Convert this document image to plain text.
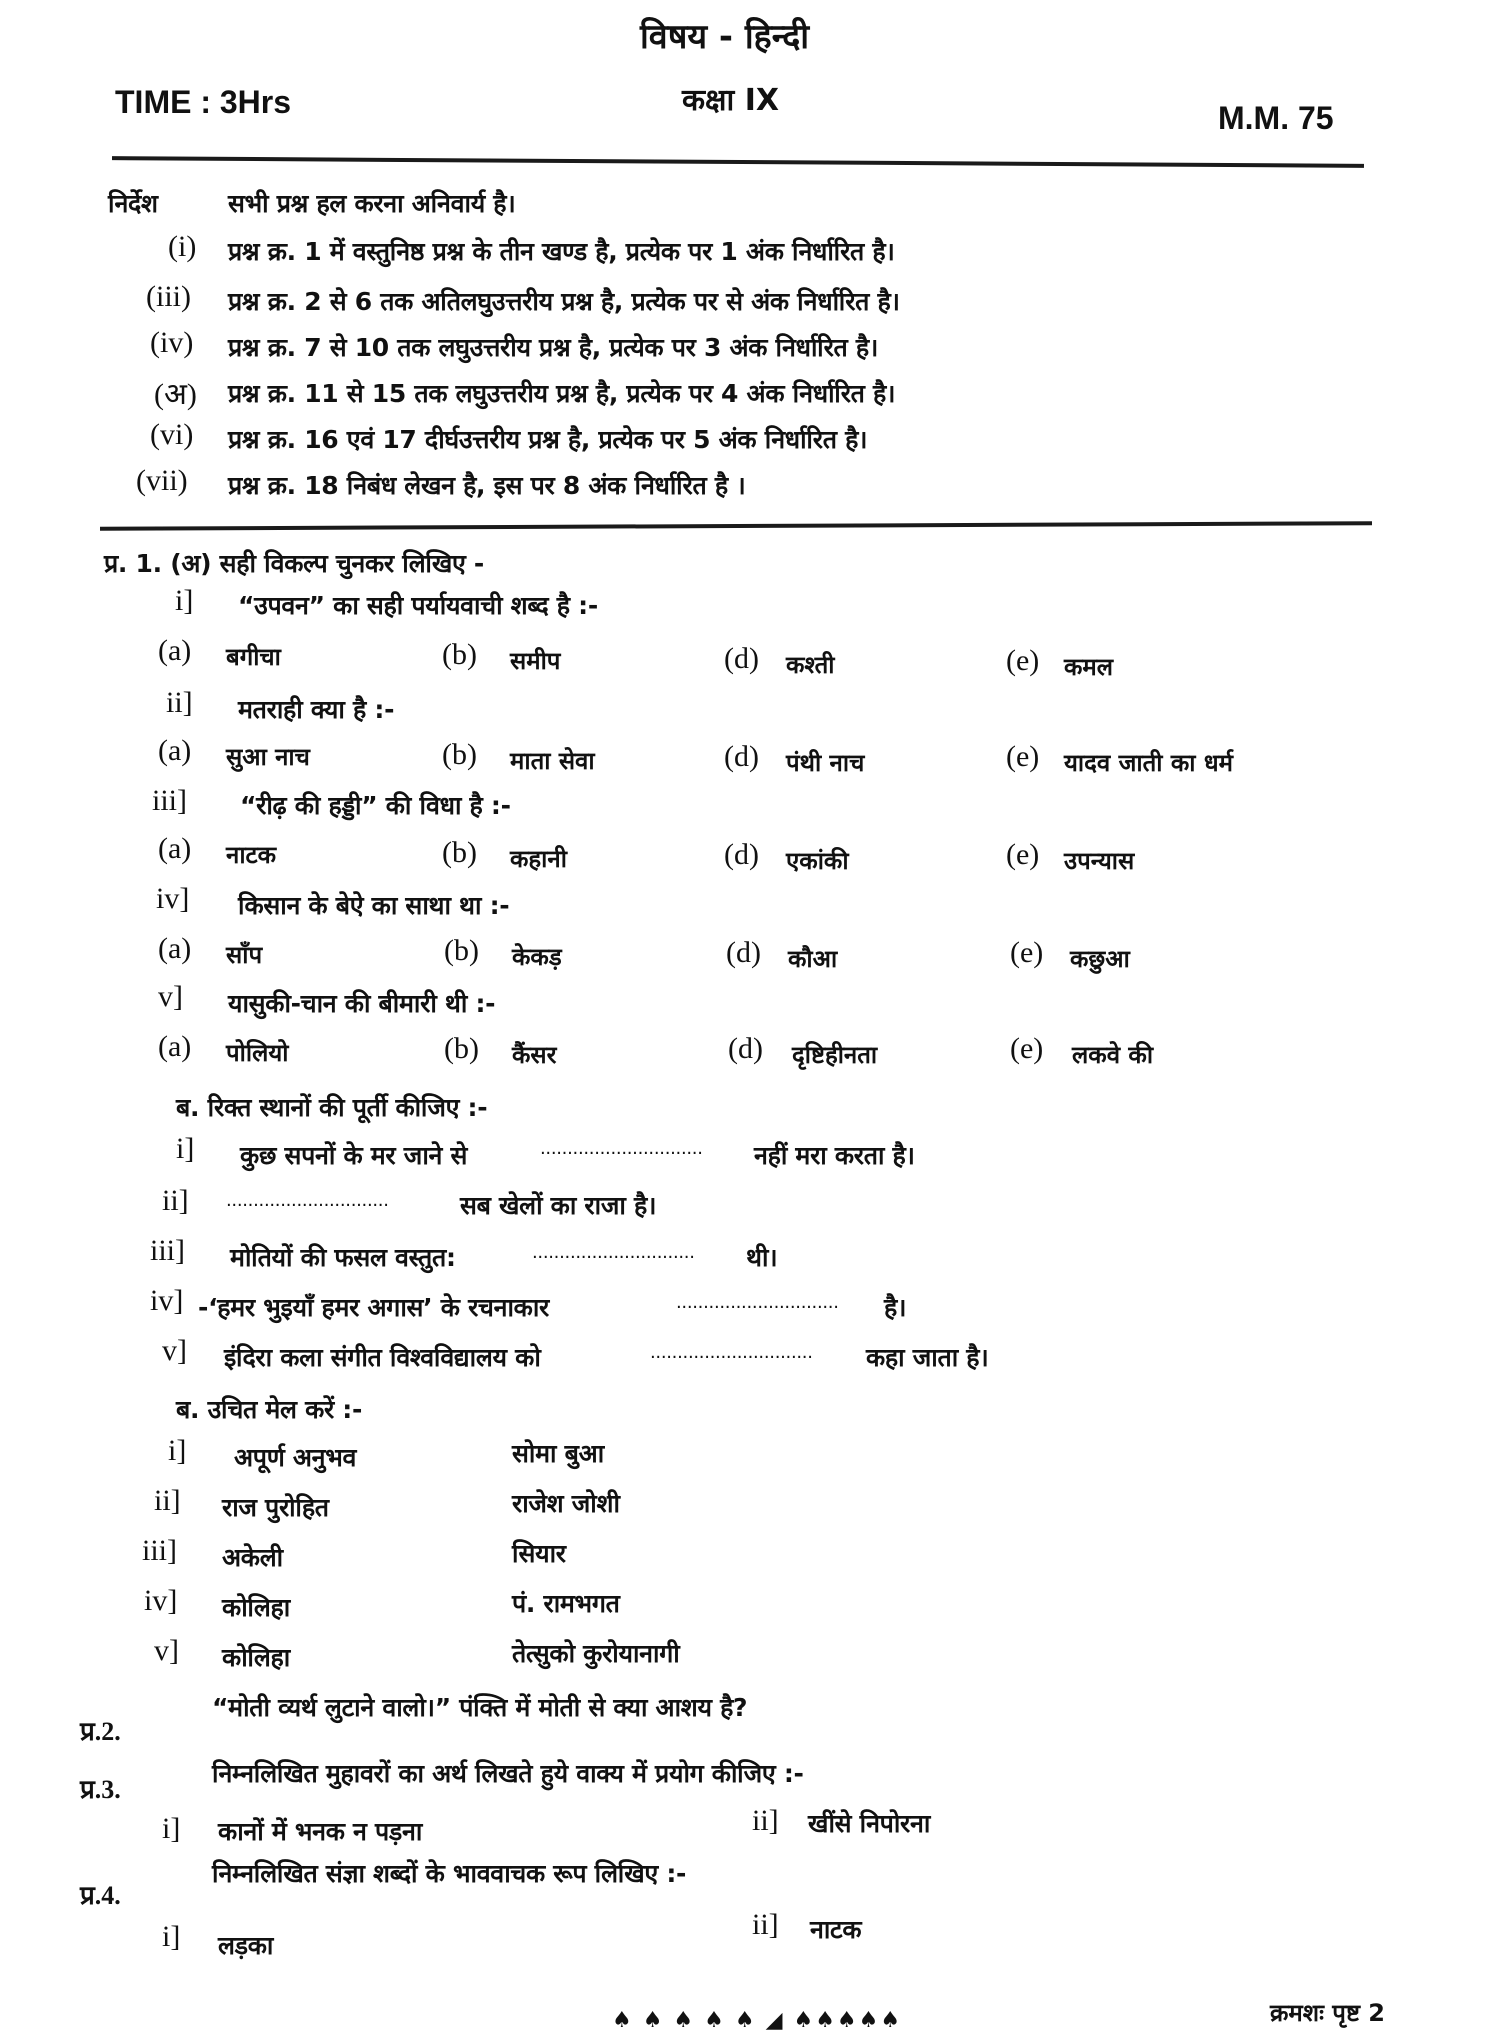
विषय - हिन्दी
TIME : 3Hrs	कक्षा IX	M.M. 75
निर्देश	सभी प्रश्न हल करना अनिवार्य है।
(i) प्रश्न क्र. 1 में वस्तुनिष्ठ प्रश्न के तीन खण्ड है, प्रत्येक पर 1 अंक निर्धारित है।
(iii) प्रश्न क्र. 2 से 6 तक अतिलघुउत्तरीय प्रश्न है, प्रत्येक पर से अंक निर्धारित है।
(iv) प्रश्न क्र. 7 से 10 तक लघुउत्तरीय प्रश्न है, प्रत्येक पर 3 अंक निर्धारित है।
(अ) प्रश्न क्र. 11 से 15 तक लघुउत्तरीय प्रश्न है, प्रत्येक पर 4 अंक निर्धारित है।
(vi) प्रश्न क्र. 16 एवं 17 दीर्घउत्तरीय प्रश्न है, प्रत्येक पर 5 अंक निर्धारित है।
(vii) प्रश्न क्र. 18 निबंध लेखन है, इस पर 8 अंक निर्धारित है ।
प्र. 1. (अ) सही विकल्प चुनकर लिखिए -
i] “उपवन” का सही पर्यायवाची शब्द है :-
(a) बगीचा	(b) समीप	(d) कश्ती	(e) कमल
ii] मतराही क्या है :-
(a) सुआ नाच	(b) माता सेवा	(d) पंथी नाच	(e) यादव जाती का धर्म
iii] “रीढ़ की हड्डी” की विधा है :-
(a) नाटक	(b) कहानी	(d) एकांकी	(e) उपन्यास
iv] किसान के बेऐ का साथा था :-
(a) साँप	(b) केकड़	(d) कौआ	(e) कछुआ
v] यासुकी-चान की बीमारी थी :-
(a) पोलियो	(b) कैंसर	(d) दृष्टिहीनता	(e) लकवे की
ब. रिक्त स्थानों की पूर्ती कीजिए :-
i] कुछ सपनों के मर जाने से	.............................. नहीं मरा करता है।
ii] ..............................	सब खेलों का राजा है।
iii] मोतियों की फसल वस्तुत:	.............................. थी।
iv] -‘हमर भुइयाँ हमर अगास’ के रचनाकार	.............................. है।
v] इंदिरा कला संगीत विश्वविद्यालय को	.............................. कहा जाता है।
ब. उचित मेल करें :-
i] अपूर्ण अनुभव	सोमा बुआ
ii] राज पुरोहित	राजेश जोशी
iii] अकेली	सियार
iv] कोलिहा	पं. रामभगत
v] कोलिहा	तेत्सुको कुरोयानागी
प्र.2.
“मोती व्यर्थ लुटाने वालो।” पंक्ति में मोती से क्या आशय है?
प्र.3.
निम्नलिखित मुहावरों का अर्थ लिखते हुये वाक्य में प्रयोग कीजिए :-
i] कानों में भनक न पड़ना	ii] खींसे निपोरना
प्र.4.
निम्नलिखित संज्ञा शब्दों के भाववाचक रूप लिखिए :-
i] लड़का
ii] नाटक
♠ ♠ ♠ ♠ ♠ ◢ ♠♠♠♠♠	क्रमशः पृष्ट 2
